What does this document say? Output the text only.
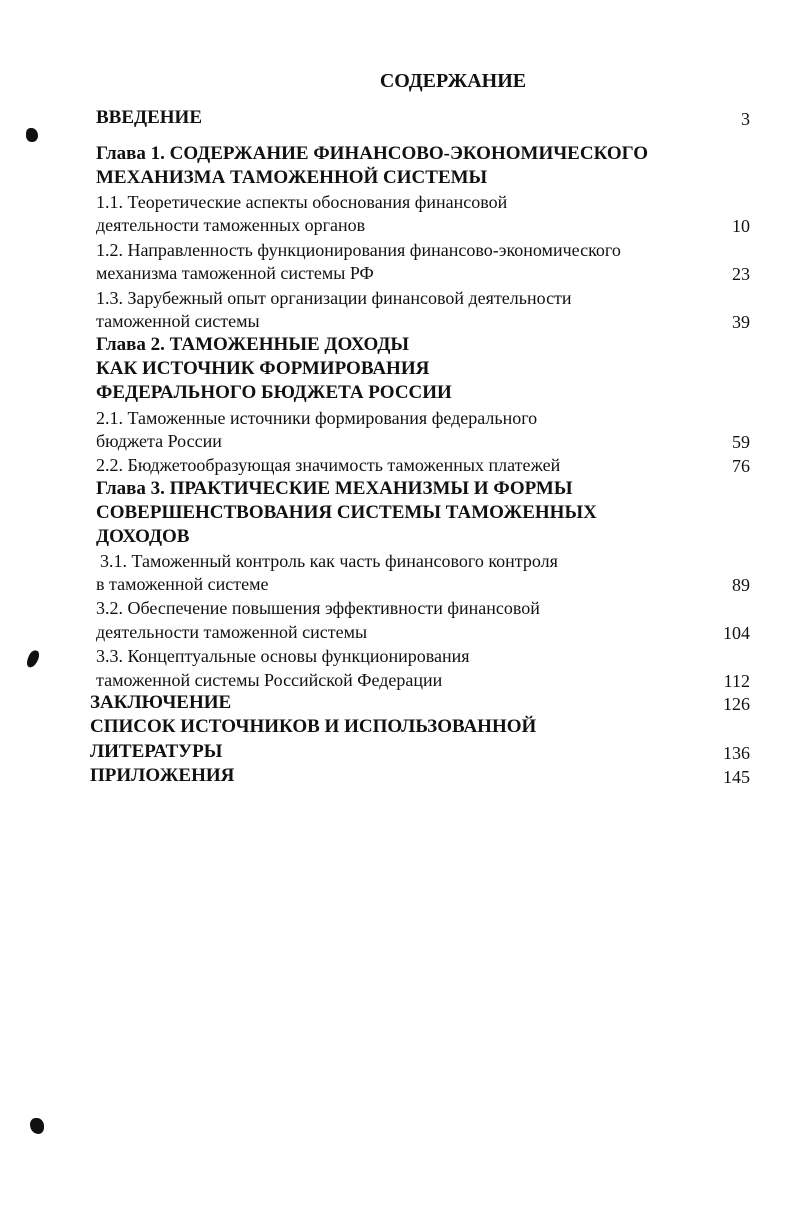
СОДЕРЖАНИЕ
ВВЕДЕНИЕ	3
Глава 1. СОДЕРЖАНИЕ ФИНАНСОВО-ЭКОНОМИЧЕСКОГО
МЕХАНИЗМА ТАМОЖЕННОЙ СИСТЕМЫ
1.1. Теоретические аспекты обоснования финансовой
деятельности таможенных органов	10
1.2. Направленность функционирования финансово-экономического
механизма таможенной системы РФ	23
1.3. Зарубежный опыт организации финансовой деятельности
таможенной системы	39
Глава 2. ТАМОЖЕННЫЕ ДОХОДЫ
КАК ИСТОЧНИК ФОРМИРОВАНИЯ
ФЕДЕРАЛЬНОГО БЮДЖЕТА РОССИИ
2.1. Таможенные источники формирования федерального
бюджета России	59
2.2. Бюджетообразующая значимость таможенных платежей	76
Глава 3. ПРАКТИЧЕСКИЕ МЕХАНИЗМЫ И ФОРМЫ
СОВЕРШЕНСТВОВАНИЯ СИСТЕМЫ ТАМОЖЕННЫХ
ДОХОДОВ
3.1. Таможенный контроль как часть финансового контроля
в таможенной системе	89
3.2. Обеспечение повышения эффективности финансовой
деятельности таможенной системы	104
3.3. Концептуальные основы функционирования
таможенной системы Российской Федерации	112
ЗАКЛЮЧЕНИЕ	126
СПИСОК ИСТОЧНИКОВ И ИСПОЛЬЗОВАННОЙ
ЛИТЕРАТУРЫ	136
ПРИЛОЖЕНИЯ	145
